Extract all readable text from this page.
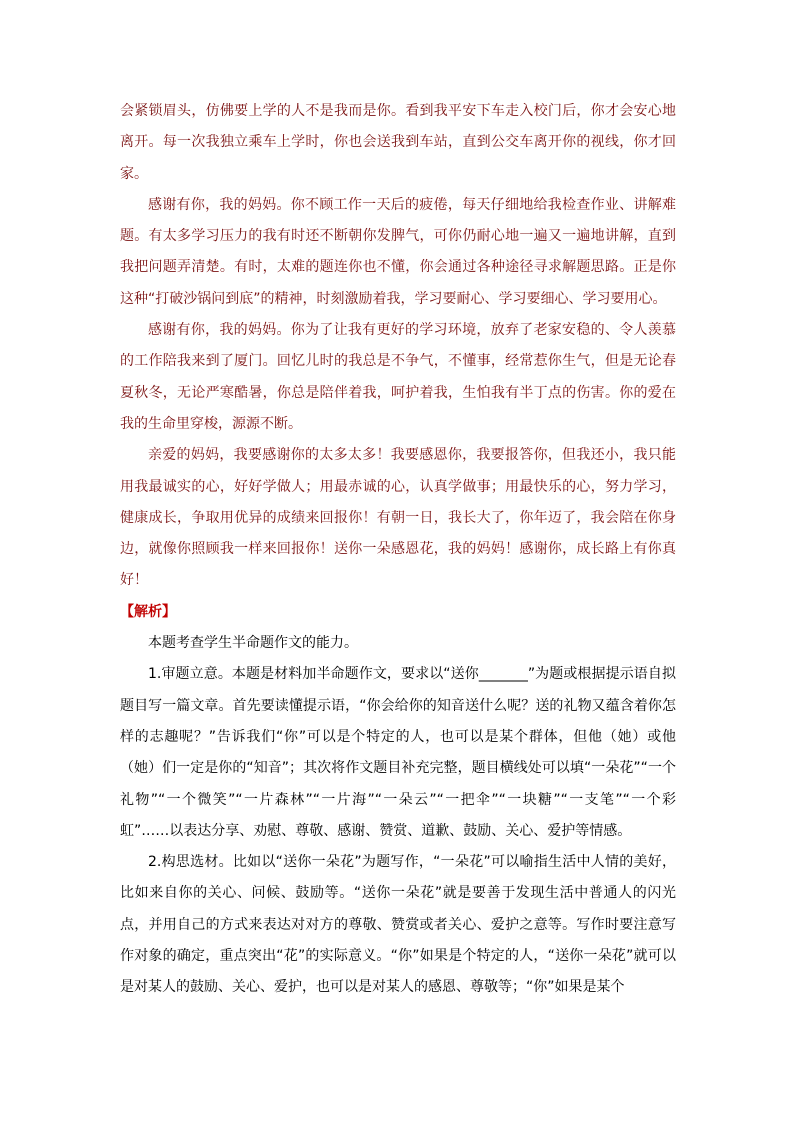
会紧锁眉头，仿佛要上学的人不是我而是你。看到我平安下车走入校门后，你才会安心地离开。每一次我独立乘车上学时，你也会送我到车站，直到公交车离开你的视线，你才回家。

感谢有你，我的妈妈。你不顾工作一天后的疲倦，每天仔细地给我检查作业、讲解难题。有太多学习压力的我有时还不断朝你发脾气，可你仍耐心地一遍又一遍地讲解，直到我把问题弄清楚。有时，太难的题连你也不懂，你会通过各种途径寻求解题思路。正是你这种“打破沙锅问到底”的精神，时刻激励着我，学习要耐心、学习要细心、学习要用心。

感谢有你，我的妈妈。你为了让我有更好的学习环境，放弃了老家安稳的、令人羡慕的工作陪我来到了厦门。回忆儿时的我总是不争气，不懂事，经常惹你生气，但是无论春夏秋冬，无论严寒酷暑，你总是陪伴着我，呵护着我，生怕我有半丁点的伤害。你的爱在我的生命里穿梭，源源不断。

亲爱的妈妈，我要感谢你的太多太多！我要感恩你，我要报答你，但我还小，我只能用我最诚实的心，好好学做人；用最赤诚的心，认真学做事；用最快乐的心，努力学习，健康成长，争取用优异的成绩来回报你！有朝一日，我长大了，你年迈了，我会陪在你身边，就像你照顾我一样来回报你！送你一朵感恩花，我的妈妈！感谢你，成长路上有你真好！

【解析】

本题考查学生半命题作文的能力。

1.审题立意。本题是材料加半命题作文，要求以“送你_______”为题或根据提示语自拟题目写一篇文章。首先要读懂提示语，“你会给你的知音送什么呢？送的礼物又蕴含着你怎样的志趣呢？”告诉我们“你”可以是个特定的人，也可以是某个群体，但他（她）或他（她）们一定是你的“知音”；其次将作文题目补充完整，题目横线处可以填“一朵花”“一个礼物”“一个微笑”“一片森林”“一片海”“一朵云”“一把伞”“一块糖”“一支笔”“一个彩虹”……以表达分享、劝慰、尊敬、感谢、赞赏、道歉、鼓励、关心、爱护等情感。

2.构思选材。比如以“送你一朵花”为题写作，“一朵花”可以喻指生活中人情的美好，比如来自你的关心、问候、鼓励等。“送你一朵花”就是要善于发现生活中普通人的闪光点，并用自己的方式来表达对对方的尊敬、赞赏或者关心、爱护之意等。写作时要注意写作对象的确定，重点突出“花”的实际意义。“你”如果是个特定的人，“送你一朵花”就可以是对某人的鼓励、关心、爱护，也可以是对某人的感恩、尊敬等；“你”如果是某个
